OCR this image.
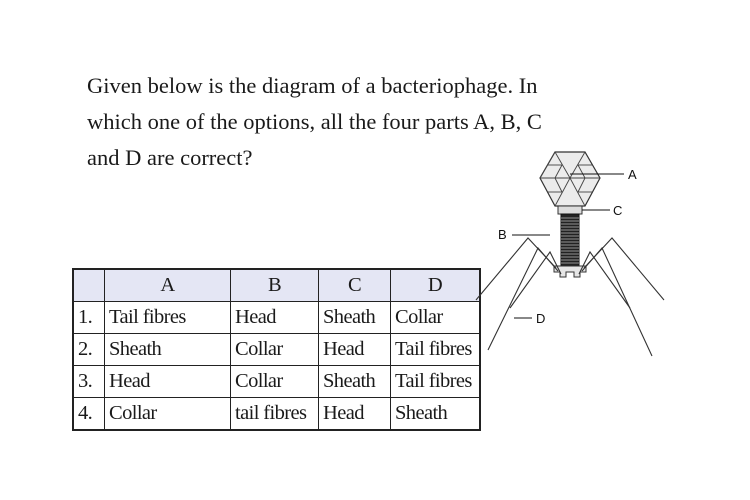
Given below is the diagram of a bacteriophage. In
which one of the options, all the four parts A, B, C
and D are correct?
	A	B	C	D
1.	Tail fibres	Head	Sheath	Collar
2.	Sheath	Collar	Head	Tail fibres
3.	Head	Collar	Sheath	Tail fibres
4.	Collar	tail fibres	Head	Sheath
A
C
B
D
